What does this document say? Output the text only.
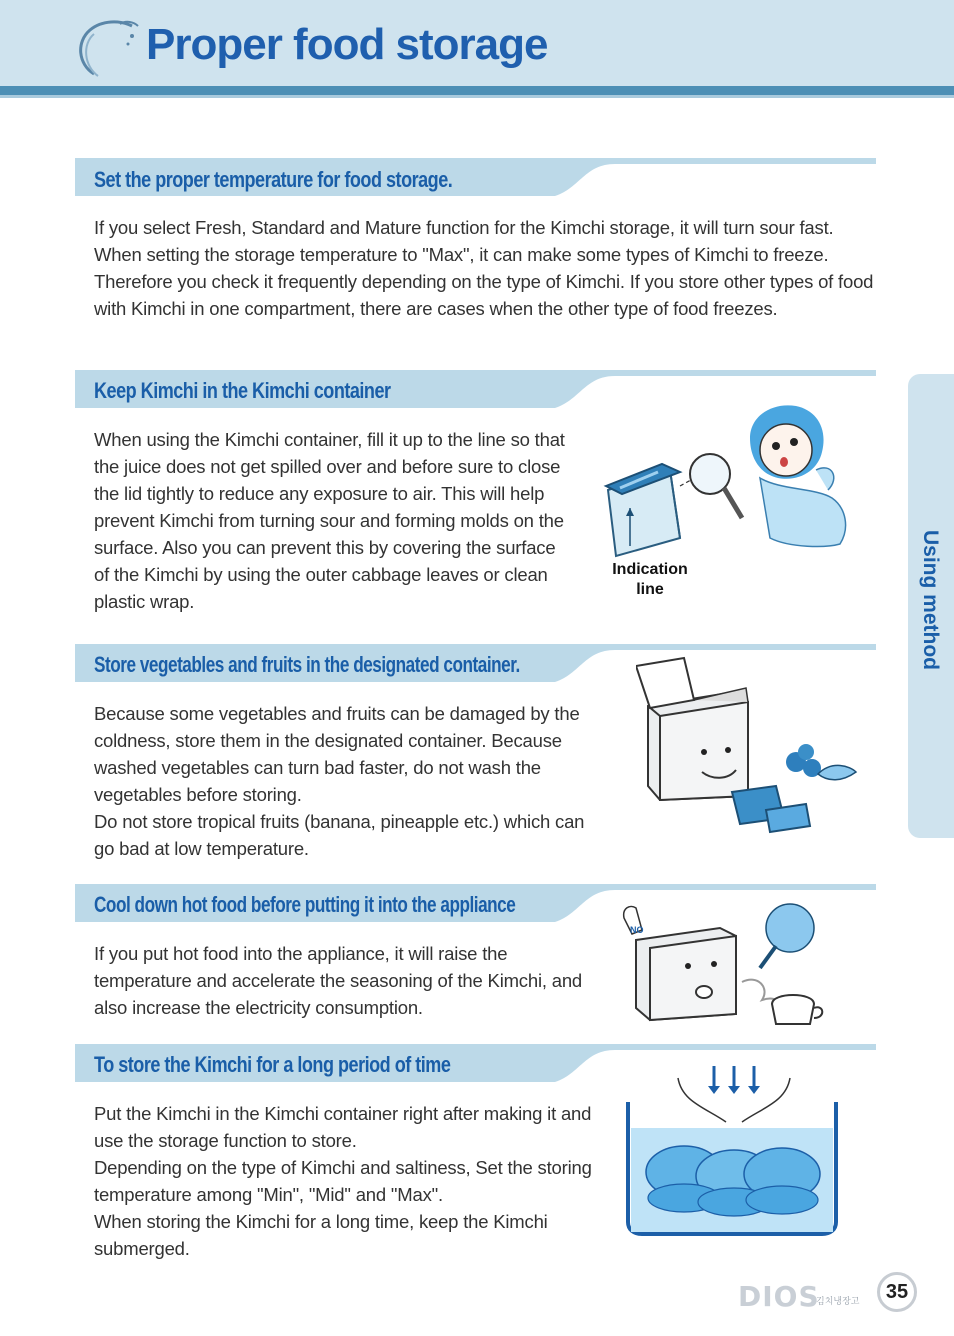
Proper food storage
Using method
Set the proper temperature for food storage.

If you select Fresh, Standard and Mature function for the Kimchi storage, it will turn sour fast. When setting the storage temperature to "Max", it can make some types of Kimchi to freeze. Therefore you check it frequently depending on the type of Kimchi. If you store other types of food with Kimchi in one compartment, there are cases when the other type of food freezes.

Keep Kimchi in the Kimchi container

When using the Kimchi container, fill it up to the line so that the juice does not get spilled over and before sure to close the lid tightly to reduce any exposure to air. This will help prevent Kimchi from turning sour and forming molds on the surface. Also you can prevent this by covering the surface of the Kimchi by using the outer cabbage leaves or clean plastic wrap.

Indication line
Store vegetables and fruits in the designated container.

Because some vegetables and fruits can be damaged by the coldness, store them in the designated container. Because washed vegetables can turn bad faster, do not wash the vegetables before storing.

Do not store tropical fruits (banana, pineapple etc.) which can go bad at low temperature.

Cool down hot food before putting it into the appliance

If you put hot food into the appliance, it will raise the temperature and accelerate the seasoning of the Kimchi, and also increase the electricity consumption.

NO
To store the Kimchi for a long period of time

Put the Kimchi in the Kimchi container right after making it and use the storage function to store.

Depending on the type of Kimchi and saltiness, Set the storing temperature among "Min", "Mid" and "Max".

When storing the Kimchi for a long time, keep the Kimchi submerged.

DIOS
김치냉장고	35
